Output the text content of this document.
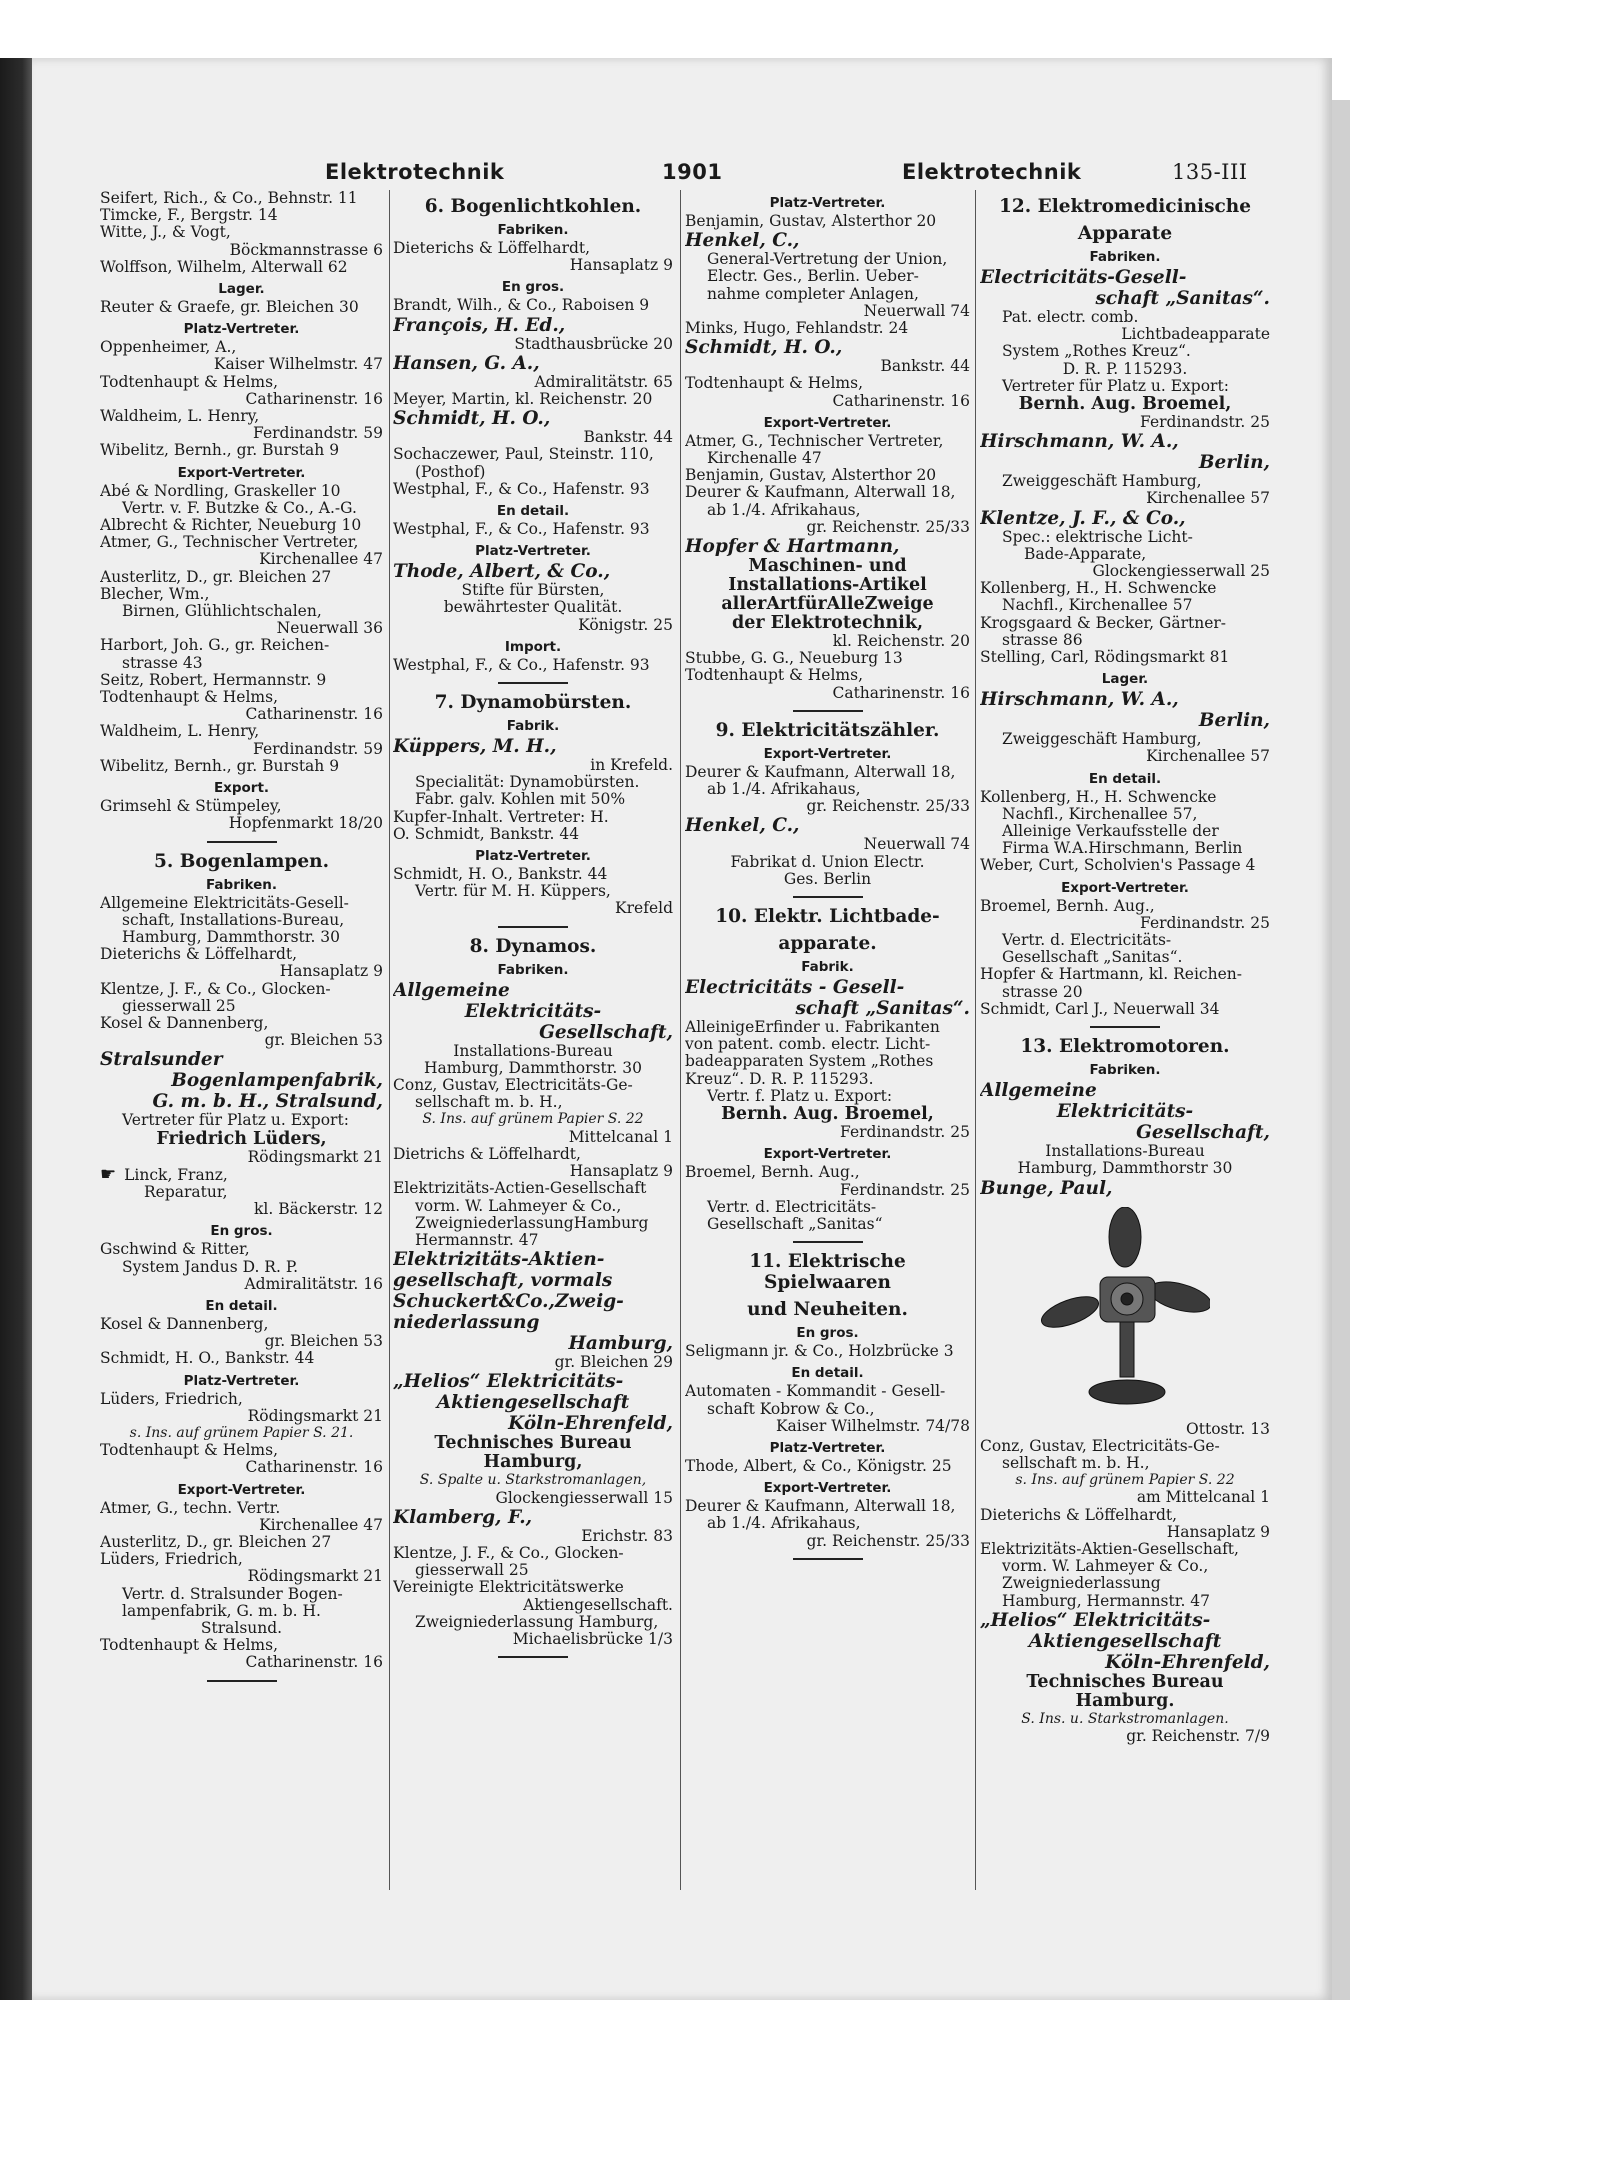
Elektrotechnik	1901	Elektrotechnik	135-III
Seifert, Rich., & Co., Behnstr. 11
Timcke, F., Bergstr. 14
Witte, J., & Vogt,
Böckmannstrasse 6
Wolffson, Wilhelm, Alterwall 62
Lager.
Reuter & Graefe, gr. Bleichen 30
Platz-Vertreter.
Oppenheimer, A.,
Kaiser Wilhelmstr. 47
Todtenhaupt & Helms,
Catharinenstr. 16
Waldheim, L. Henry,
Ferdinandstr. 59
Wibelitz, Bernh., gr. Burstah 9
Export-Vertreter.
Abé & Nordling, Graskeller 10
Vertr. v. F. Butzke & Co., A.-G.
Albrecht & Richter, Neueburg 10
Atmer, G., Technischer Vertreter,
Kirchenallee 47
Austerlitz, D., gr. Bleichen 27
Blecher, Wm.,
Birnen, Glühlichtschalen,
Neuerwall 36
Harbort, Joh. G., gr. Reichen-
strasse 43
Seitz, Robert, Hermannstr. 9
Todtenhaupt & Helms,
Catharinenstr. 16
Waldheim, L. Henry,
Ferdinandstr. 59
Wibelitz, Bernh., gr. Burstah 9
Export.
Grimsehl & Stümpeley,
Hopfenmarkt 18/20
5. Bogenlampen.
Fabriken.
Allgemeine Elektricitäts-Gesell-
schaft, Installations-Bureau,
Hamburg, Dammthorstr. 30
Dieterichs & Löffelhardt,
Hansaplatz 9
Klentze, J. F., & Co., Glocken-
giesserwall 25
Kosel & Dannenberg,
gr. Bleichen 53
Stralsunder
Bogenlampenfabrik,
G. m. b. H., Stralsund,
Vertreter für Platz u. Export:
Friedrich Lüders,
Rödingsmarkt 21
☛ Linck, Franz,
Reparatur,
kl. Bäckerstr. 12
En gros.
Gschwind & Ritter,
System Jandus D. R. P.
Admiralitätstr. 16
En detail.
Kosel & Dannenberg,
gr. Bleichen 53
Schmidt, H. O., Bankstr. 44
Platz-Vertreter.
Lüders, Friedrich,
Rödingsmarkt 21
s. Ins. auf grünem Papier S. 21.
Todtenhaupt & Helms,
Catharinenstr. 16
Export-Vertreter.
Atmer, G., techn. Vertr.
Kirchenallee 47
Austerlitz, D., gr. Bleichen 27
Lüders, Friedrich,
Rödingsmarkt 21
Vertr. d. Stralsunder Bogen-
lampenfabrik, G. m. b. H.
Stralsund.
Todtenhaupt & Helms,
Catharinenstr. 16
6. Bogenlichtkohlen.
Fabriken.
Dieterichs & Löffelhardt,
Hansaplatz 9
En gros.
Brandt, Wilh., & Co., Raboisen 9
François, H. Ed.,
Stadthausbrücke 20
Hansen, G. A.,
Admiralitätstr. 65
Meyer, Martin, kl. Reichenstr. 20
Schmidt, H. O.,
Bankstr. 44
Sochaczewer, Paul, Steinstr. 110,
(Posthof)
Westphal, F., & Co., Hafenstr. 93
En detail.
Westphal, F., & Co., Hafenstr. 93
Platz-Vertreter.
Thode, Albert, & Co.,
Stifte für Bürsten,
bewährtester Qualität.
Königstr. 25
Import.
Westphal, F., & Co., Hafenstr. 93
7. Dynamobürsten.
Fabrik.
Küppers, M. H.,
in Krefeld.
Specialität: Dynamobürsten.
Fabr. galv. Kohlen mit 50%
Kupfer-Inhalt. Vertreter: H.
O. Schmidt, Bankstr. 44
Platz-Vertreter.
Schmidt, H. O., Bankstr. 44
Vertr. für M. H. Küppers,
Krefeld
8. Dynamos.
Fabriken.
Allgemeine
Elektricitäts-
Gesellschaft,
Installations-Bureau
Hamburg, Dammthorstr. 30
Conz, Gustav, Electricitäts-Ge-
sellschaft m. b. H.,
S. Ins. auf grünem Papier S. 22
Mittelcanal 1
Dietrichs & Löffelhardt,
Hansaplatz 9
Elektrizitäts-Actien-Gesellschaft
vorm. W. Lahmeyer & Co.,
ZweigniederlassungHamburg
Hermannstr. 47
Elektrizitäts-Aktien-
gesellschaft, vormals
Schuckert&Co.,Zweig-
niederlassung
Hamburg,
gr. Bleichen 29
„Helios“ Elektricitäts-
Aktiengesellschaft
Köln-Ehrenfeld,
Technisches Bureau
Hamburg,
S. Spalte u. Starkstromanlagen,
Glockengiesserwall 15
Klamberg, F.,
Erichstr. 83
Klentze, J. F., & Co., Glocken-
giesserwall 25
Vereinigte Elektricitätswerke
Aktiengesellschaft.
Zweigniederlassung Hamburg,
Michaelisbrücke 1/3
Platz-Vertreter.
Benjamin, Gustav, Alsterthor 20
Henkel, C.,
General-Vertretung der Union,
Electr. Ges., Berlin. Ueber-
nahme completer Anlagen,
Neuerwall 74
Minks, Hugo, Fehlandstr. 24
Schmidt, H. O.,
Bankstr. 44
Todtenhaupt & Helms,
Catharinenstr. 16
Export-Vertreter.
Atmer, G., Technischer Vertreter,
Kirchenalle 47
Benjamin, Gustav, Alsterthor 20
Deurer & Kaufmann, Alterwall 18,
ab 1./4. Afrikahaus,
gr. Reichenstr. 25/33
Hopfer & Hartmann,
Maschinen- und
Installations-Artikel
allerArtfürAlleZweige
der Elektrotechnik,
kl. Reichenstr. 20
Stubbe, G. G., Neueburg 13
Todtenhaupt & Helms,
Catharinenstr. 16
9. Elektricitätszähler.
Export-Vertreter.
Deurer & Kaufmann, Alterwall 18,
ab 1./4. Afrikahaus,
gr. Reichenstr. 25/33
Henkel, C.,
Neuerwall 74
Fabrikat d. Union Electr.
Ges. Berlin
10. Elektr. Lichtbade-
apparate.
Fabrik.
Electricitäts - Gesell-
schaft „Sanitas“.
AlleinigeErfinder u. Fabrikanten
von patent. comb. electr. Licht-
badeapparaten System „Rothes
Kreuz“. D. R. P. 115293.
Vertr. f. Platz u. Export:
Bernh. Aug. Broemel,
Ferdinandstr. 25
Export-Vertreter.
Broemel, Bernh. Aug.,
Ferdinandstr. 25
Vertr. d. Electricitäts-
Gesellschaft „Sanitas“
11. Elektrische Spielwaaren
und Neuheiten.
En gros.
Seligmann jr. & Co., Holzbrücke 3
En detail.
Automaten - Kommandit - Gesell-
schaft Kobrow & Co.,
Kaiser Wilhelmstr. 74/78
Platz-Vertreter.
Thode, Albert, & Co., Königstr. 25
Export-Vertreter.
Deurer & Kaufmann, Alterwall 18,
ab 1./4. Afrikahaus,
gr. Reichenstr. 25/33
12. Elektromedicinische
Apparate
Fabriken.
Electricitäts-Gesell-
schaft „Sanitas“.
Pat. electr. comb.
Lichtbadeapparate
System „Rothes Kreuz“.
D. R. P. 115293.
Vertreter für Platz u. Export:
Bernh. Aug. Broemel,
Ferdinandstr. 25
Hirschmann, W. A.,
Berlin,
Zweiggeschäft Hamburg,
Kirchenallee 57
Klentze, J. F., & Co.,
Spec.: elektrische Licht-
Bade-Apparate,
Glockengiesserwall 25
Kollenberg, H., H. Schwencke
Nachfl., Kirchenallee 57
Krogsgaard & Becker, Gärtner-
strasse 86
Stelling, Carl, Rödingsmarkt 81
Lager.
Hirschmann, W. A.,
Berlin,
Zweiggeschäft Hamburg,
Kirchenallee 57
En detail.
Kollenberg, H., H. Schwencke
Nachfl., Kirchenallee 57,
Alleinige Verkaufsstelle der
Firma W.A.Hirschmann, Berlin
Weber, Curt, Scholvien's Passage 4
Export-Vertreter.
Broemel, Bernh. Aug.,
Ferdinandstr. 25
Vertr. d. Electricitäts-
Gesellschaft „Sanitas“.
Hopfer & Hartmann, kl. Reichen-
strasse 20
Schmidt, Carl J., Neuerwall 34
13. Elektromotoren.
Fabriken.
Allgemeine
Elektricitäts-
Gesellschaft,
Installations-Bureau
Hamburg, Dammthorstr 30
Bunge, Paul,
Ottostr. 13
Conz, Gustav, Electricitäts-Ge-
sellschaft m. b. H.,
s. Ins. auf grünem Papier S. 22
am Mittelcanal 1
Dieterichs & Löffelhardt,
Hansaplatz 9
Elektrizitäts-Aktien-Gesellschaft,
vorm. W. Lahmeyer & Co.,
Zweigniederlassung
Hamburg, Hermannstr. 47
„Helios“ Elektricitäts-
Aktiengesellschaft
Köln-Ehrenfeld,
Technisches Bureau
Hamburg.
S. Ins. u. Starkstromanlagen.
gr. Reichenstr. 7/9
